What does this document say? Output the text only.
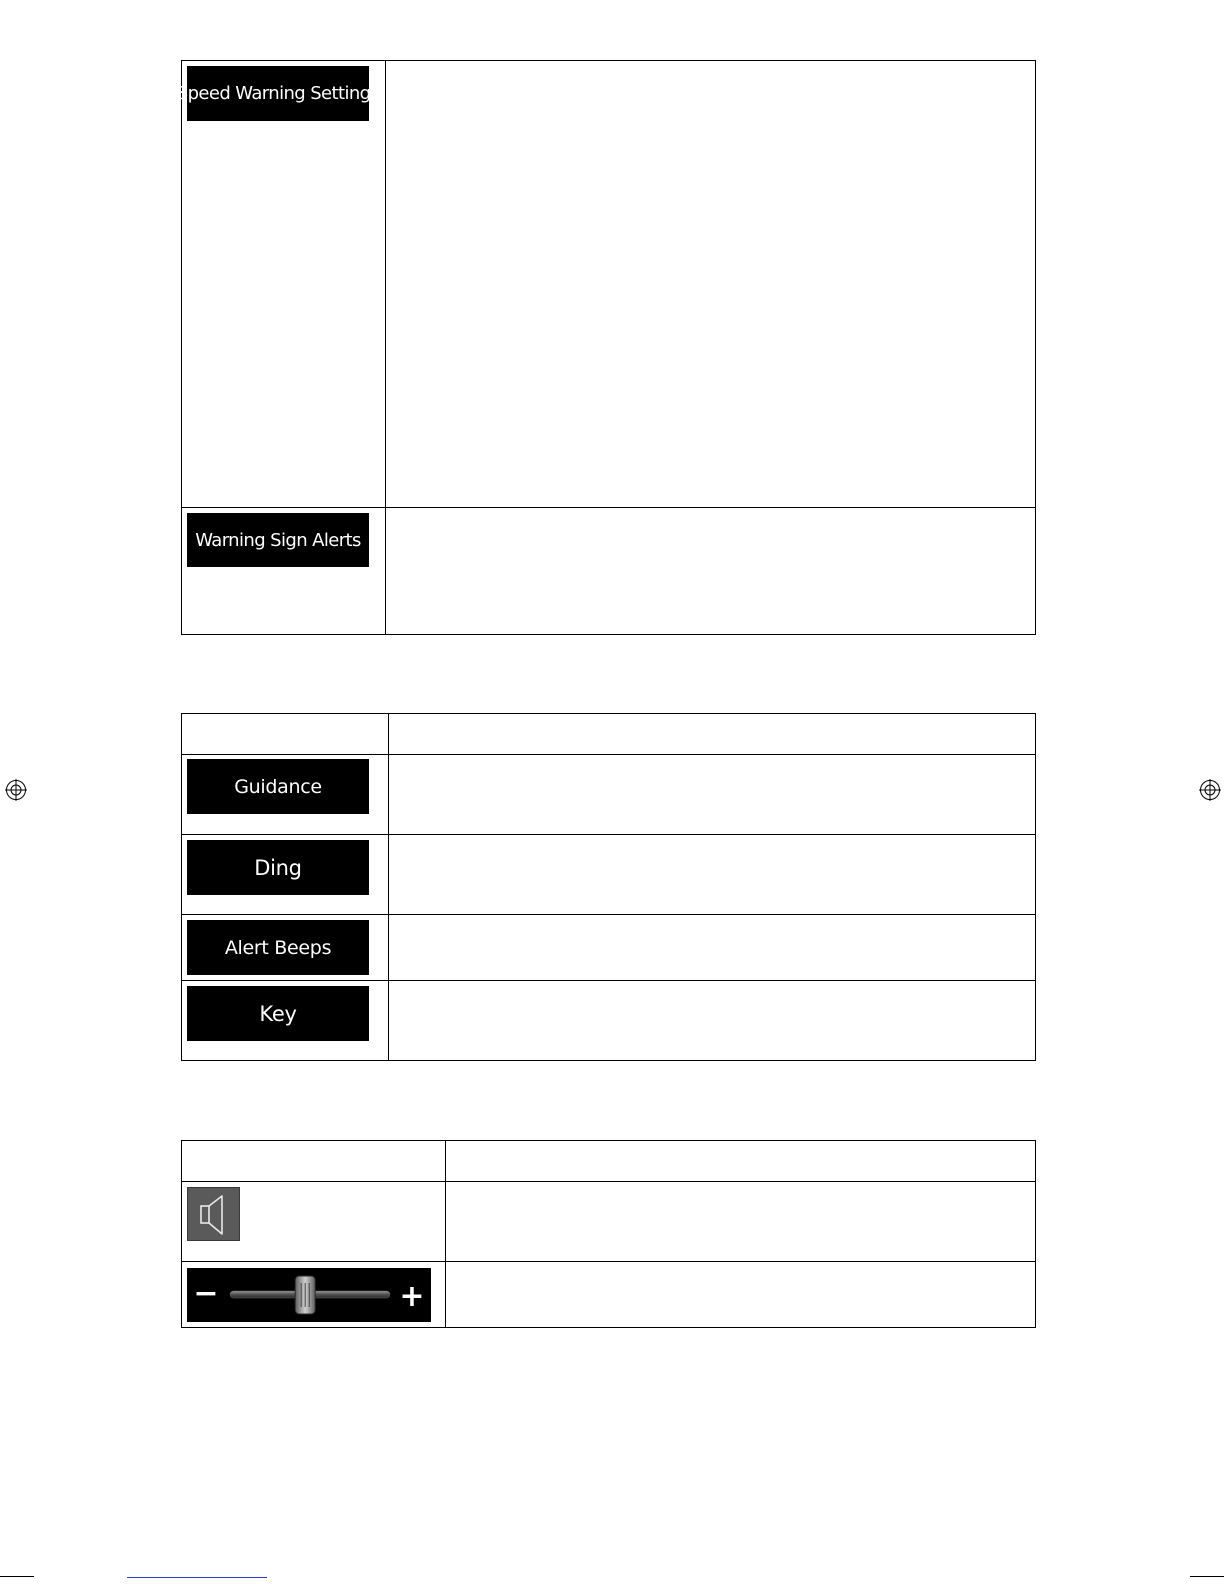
Speed Warning Settings
Warning Sign Alerts
Guidance
Ding
Alert Beeps
Key
−	+
